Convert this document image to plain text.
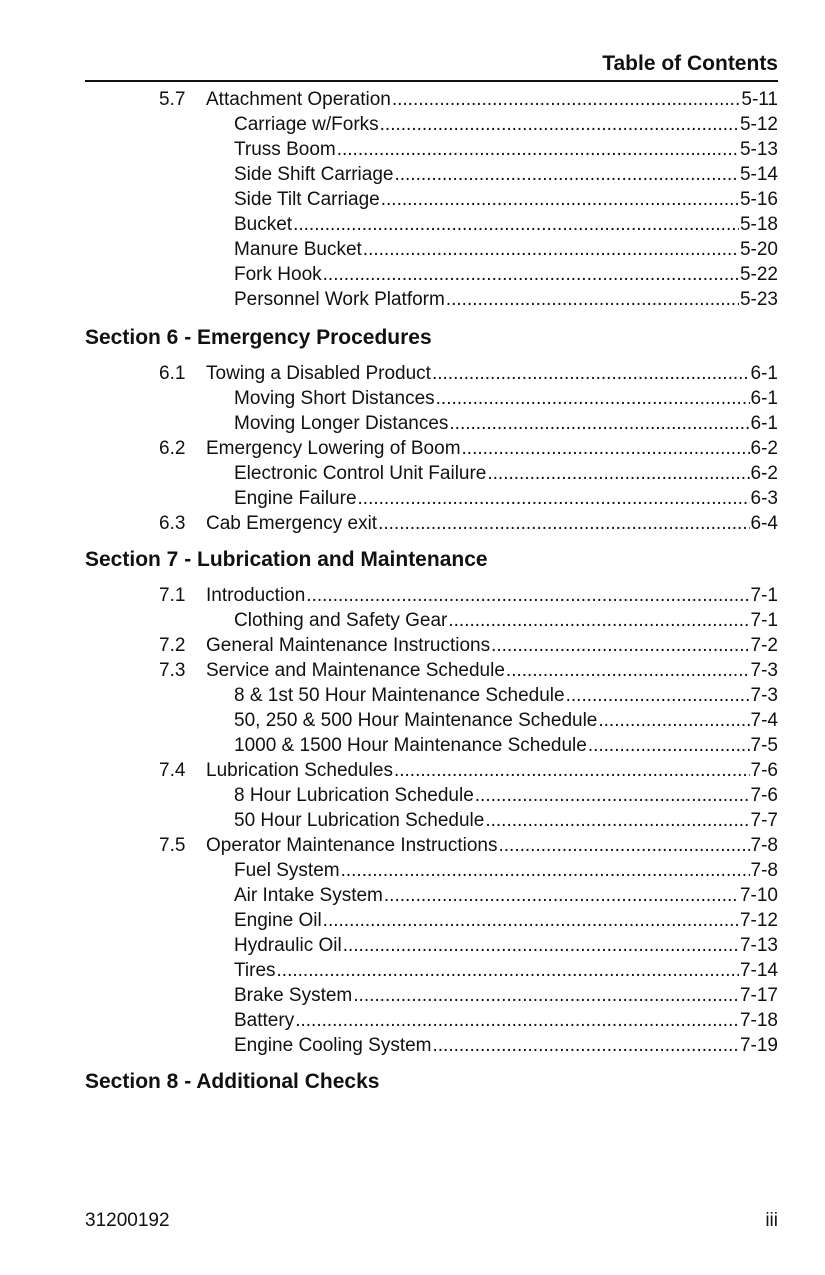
Table of Contents
5.7 Attachment Operation .....	5-11
Carriage w/Forks .....	5-12
Truss Boom .....	5-13
Side Shift Carriage .....	5-14
Side Tilt Carriage .....	5-16
Bucket .....	5-18
Manure Bucket .....	5-20
Fork Hook .....	5-22
Personnel Work Platform .....	5-23
Section 6 - Emergency Procedures
6.1 Towing a Disabled Product .....	6-1
Moving Short Distances .....	6-1
Moving Longer Distances .....	6-1
6.2 Emergency Lowering of Boom .....	6-2
Electronic Control Unit Failure .....	6-2
Engine Failure .....	6-3
6.3 Cab Emergency exit .....	6-4
Section 7 - Lubrication and Maintenance
7.1 Introduction .....	7-1
Clothing and Safety Gear .....	7-1
7.2 General Maintenance Instructions .....	7-2
7.3 Service and Maintenance Schedule .....	7-3
8 & 1st 50 Hour Maintenance Schedule .....	7-3
50, 250 & 500 Hour Maintenance Schedule .....	7-4
1000 & 1500 Hour Maintenance Schedule .....	7-5
7.4 Lubrication Schedules .....	7-6
8 Hour Lubrication Schedule .....	7-6
50 Hour Lubrication Schedule .....	7-7
7.5 Operator Maintenance Instructions .....	7-8
Fuel System .....	7-8
Air Intake System .....	7-10
Engine Oil .....	7-12
Hydraulic Oil .....	7-13
Tires .....	7-14
Brake System .....	7-17
Battery .....	7-18
Engine Cooling System .....	7-19
Section 8 - Additional Checks
31200192	iii
